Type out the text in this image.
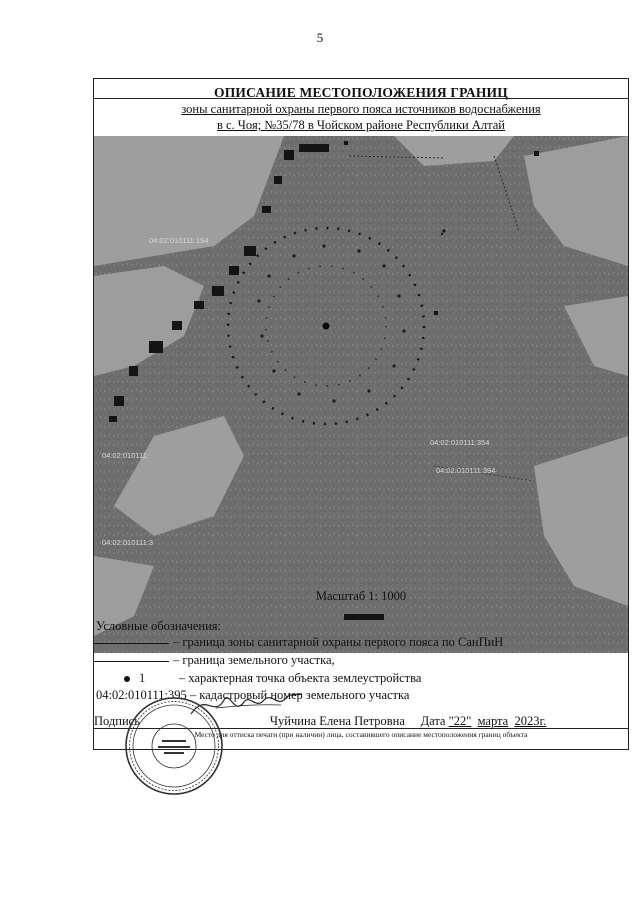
5
ОПИСАНИЕ МЕСТОПОЛОЖЕНИЯ ГРАНИЦ
зоны санитарной охраны первого пояса источников водоснабжения
в с. Чоя; №35/78 в Чойском районе Республики Алтай
04:02:010111:154
04:02:010111:
04:02:010111:3
04:02:010111:354
04:02:010111:394
Масштаб 1: 1000
Условные обозначения:
– граница зоны санитарной охраны первого пояса по СанПиН
– граница земельного участка,
1	– характерная точка объекта землеустройства
04:02:010111:395 – кадастровый номер земельного участка
Подпись	Чуйчина Елена Петровна Дата "22" марта 2023г.
Место для оттиска печати (при наличии) лица, составившего описание местоположения границ объекта
